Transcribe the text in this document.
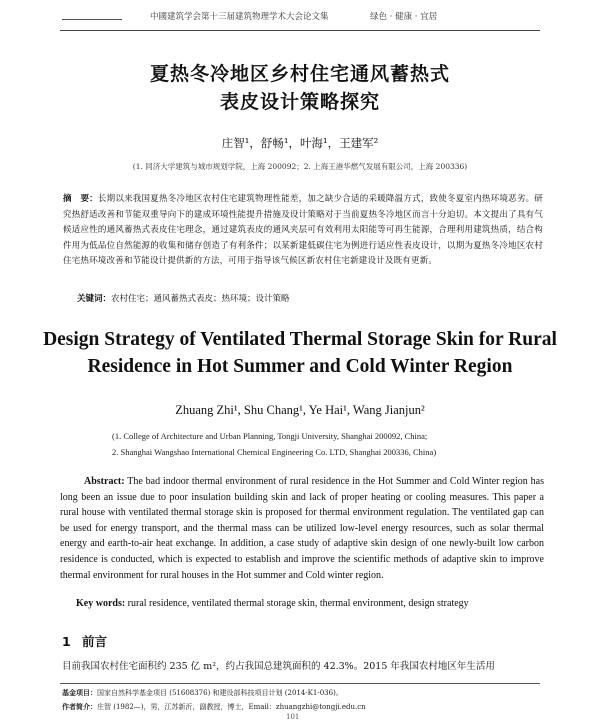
中國建筑学会第十三届建筑物理学术大会论文集	绿色 · 健康 · 宜居
夏热冬冷地区乡村住宅通风蓄热式
表皮设计策略探究
庄智¹，舒畅¹，叶海¹，王建军²
(1. 同济大学建筑与城市规划学院，上海 200092；2. 上海王港华燃气发展有限公司，上海 200336)
摘　要：长期以来我国夏热冬冷地区农村住宅建筑物理性能差，加之缺少合适的采暖降温方式，致使冬夏室内热环境恶劣。研究热舒适改善和节能双重导向下的建成环境性能提升措施及设计策略对于当前夏热冬冷地区而言十分迫切。本文提出了具有气候适应性的通风蓄热式表皮住宅理念，通过建筑表皮的通风夹层可有效利用太阳能等可再生能源，合理利用建筑热质，结合构件用为低品位自然能源的收集和储存创造了有利条件；以某新建低碳住宅为例进行适应性表皮设计，以期为夏热冬冷地区农村住宅热环境改善和节能设计提供新的方法，可用于指导该气候区新农村住宅新建设计及既有更新。
关键词：农村住宅；通风蓄热式表皮；热环境；设计策略
Design Strategy of Ventilated Thermal Storage Skin for Rural
Residence in Hot Summer and Cold Winter Region
Zhuang Zhi¹, Shu Chang¹, Ye Hai¹, Wang Jianjun²
(1. College of Architecture and Urban Planning, Tongji University, Shanghai 200092, China;
2. Shanghai Wangshao International Chemical Engineering Co. LTD, Shanghai 200336, China)
Abstract: The bad indoor thermal environment of rural residence in the Hot Summer and Cold Winter region has long been an issue due to poor insulation building skin and lack of proper heating or cooling measures. This paper a rural house with ventilated thermal storage skin is proposed for thermal environment regulation. The ventilated gap can be used for energy transport, and the thermal mass can be utilized low-level energy resources, such as solar thermal energy and earth-to-air heat exchange. In addition, a case study of adaptive skin design of one newly-built low carbon residence is conducted, which is expected to establish and improve the scientific methods of adaptive skin to improve thermal environment for rural houses in the Hot summer and Cold winter region.
Key words: rural residence, ventilated thermal storage skin, thermal environment, design strategy
1 前言
目前我国农村住宅面积约 235 亿 m²，约占我国总建筑面积的 42.3%。2015 年我国农村地区年生活用
基金项目：国家自然科学基金项目 (51608376) 和建设部科技项目计划 (2014-K1-036)。
作者简介：庄智 (1982—)，男，江苏新沂，副教授，博士，Email：zhuangzhi@tongji.edu.cn
101
